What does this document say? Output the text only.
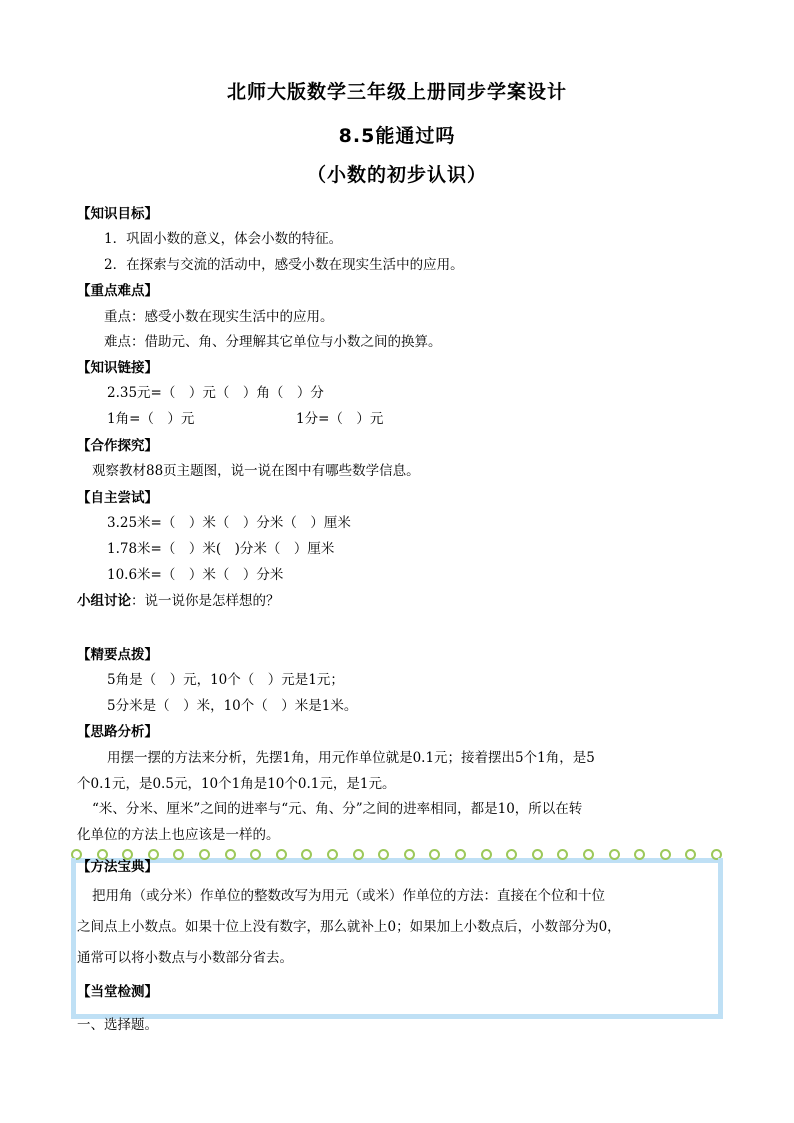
北师大版数学三年级上册同步学案设计
8.5能通过吗
（小数的初步认识）
【知识目标】
1．巩固小数的意义，体会小数的特征。
2．在探索与交流的活动中，感受小数在现实生活中的应用。
【重点难点】
重点：感受小数在现实生活中的应用。
难点：借助元、角、分理解其它单位与小数之间的换算。
【知识链接】
2.35元=（　）元（　）角（　）分
1角=（　）元	1分=（　）元
【合作探究】
观察教材88页主题图，说一说在图中有哪些数学信息。
【自主尝试】
3.25米=（　）米（　）分米（　）厘米
1.78米=（　）米(　)分米（　）厘米
10.6米=（　）米（　）分米
小组讨论：说一说你是怎样想的？
【精要点拨】
5角是（　）元，10个（　）元是1元；
5分米是（　）米，10个（　）米是1米。
【思路分析】
用摆一摆的方法来分析，先摆1角，用元作单位就是0.1元；接着摆出5个1角，是5
个0.1元，是0.5元，10个1角是10个0.1元，是1元。
“米、分米、厘米”之间的进率与“元、角、分”之间的进率相同，都是10，所以在转
化单位的方法上也应该是一样的。
【方法宝典】
把用角（或分米）作单位的整数改写为用元（或米）作单位的方法：直接在个位和十位
之间点上小数点。如果十位上没有数字，那么就补上0；如果加上小数点后，小数部分为0，
通常可以将小数点与小数部分省去。
【当堂检测】
一、选择题。
